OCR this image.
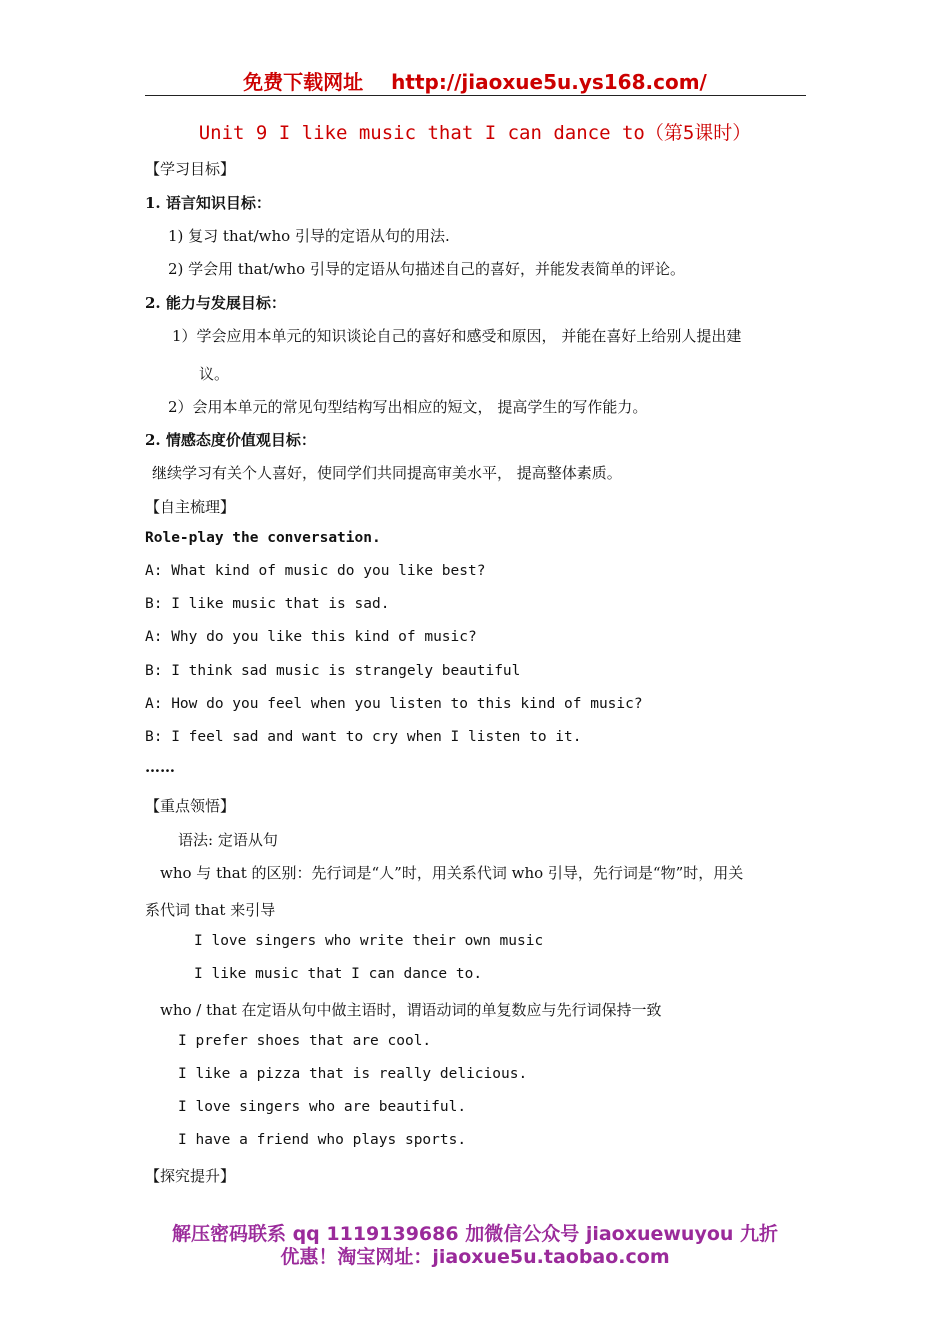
免费下载网址 http://jiaoxue5u.ys168.com/
Unit 9 I like music that I can dance to（第5课时）
【学习目标】
1. 语言知识目标：
1) 复习 that/who 引导的定语从句的用法.
2) 学会用 that/who 引导的定语从句描述自己的喜好，并能发表简单的评论。
2. 能力与发展目标：
1）学会应用本单元的知识谈论自己的喜好和感受和原因， 并能在喜好上给别人提出建
议。
2）会用本单元的常见句型结构写出相应的短文， 提高学生的写作能力。
2. 情感态度价值观目标：
继续学习有关个人喜好，使同学们共同提高审美水平， 提高整体素质。
【自主梳理】
Role-play the conversation.
A: What kind of music do you like best?
B: I like music that is sad.
A: Why do you like this kind of music?
B: I think sad music is strangely beautiful
A: How do you feel when you listen to this kind of music?
B: I feel sad and want to cry when I listen to it.
……
【重点领悟】
语法: 定语从句
who 与 that 的区别：先行词是“人”时，用关系代词 who 引导，先行词是“物”时，用关
系代词 that 来引导
I love singers who write their own music
I like music that I can dance to.
who / that 在定语从句中做主语时，谓语动词的单复数应与先行词保持一致
I prefer shoes that are cool.
I like a pizza that is really delicious.
I love singers who are beautiful.
I have a friend who plays sports.
【探究提升】
解压密码联系 qq 1119139686 加微信公众号 jiaoxuewuyou 九折
优惠！淘宝网址：jiaoxue5u.taobao.com
